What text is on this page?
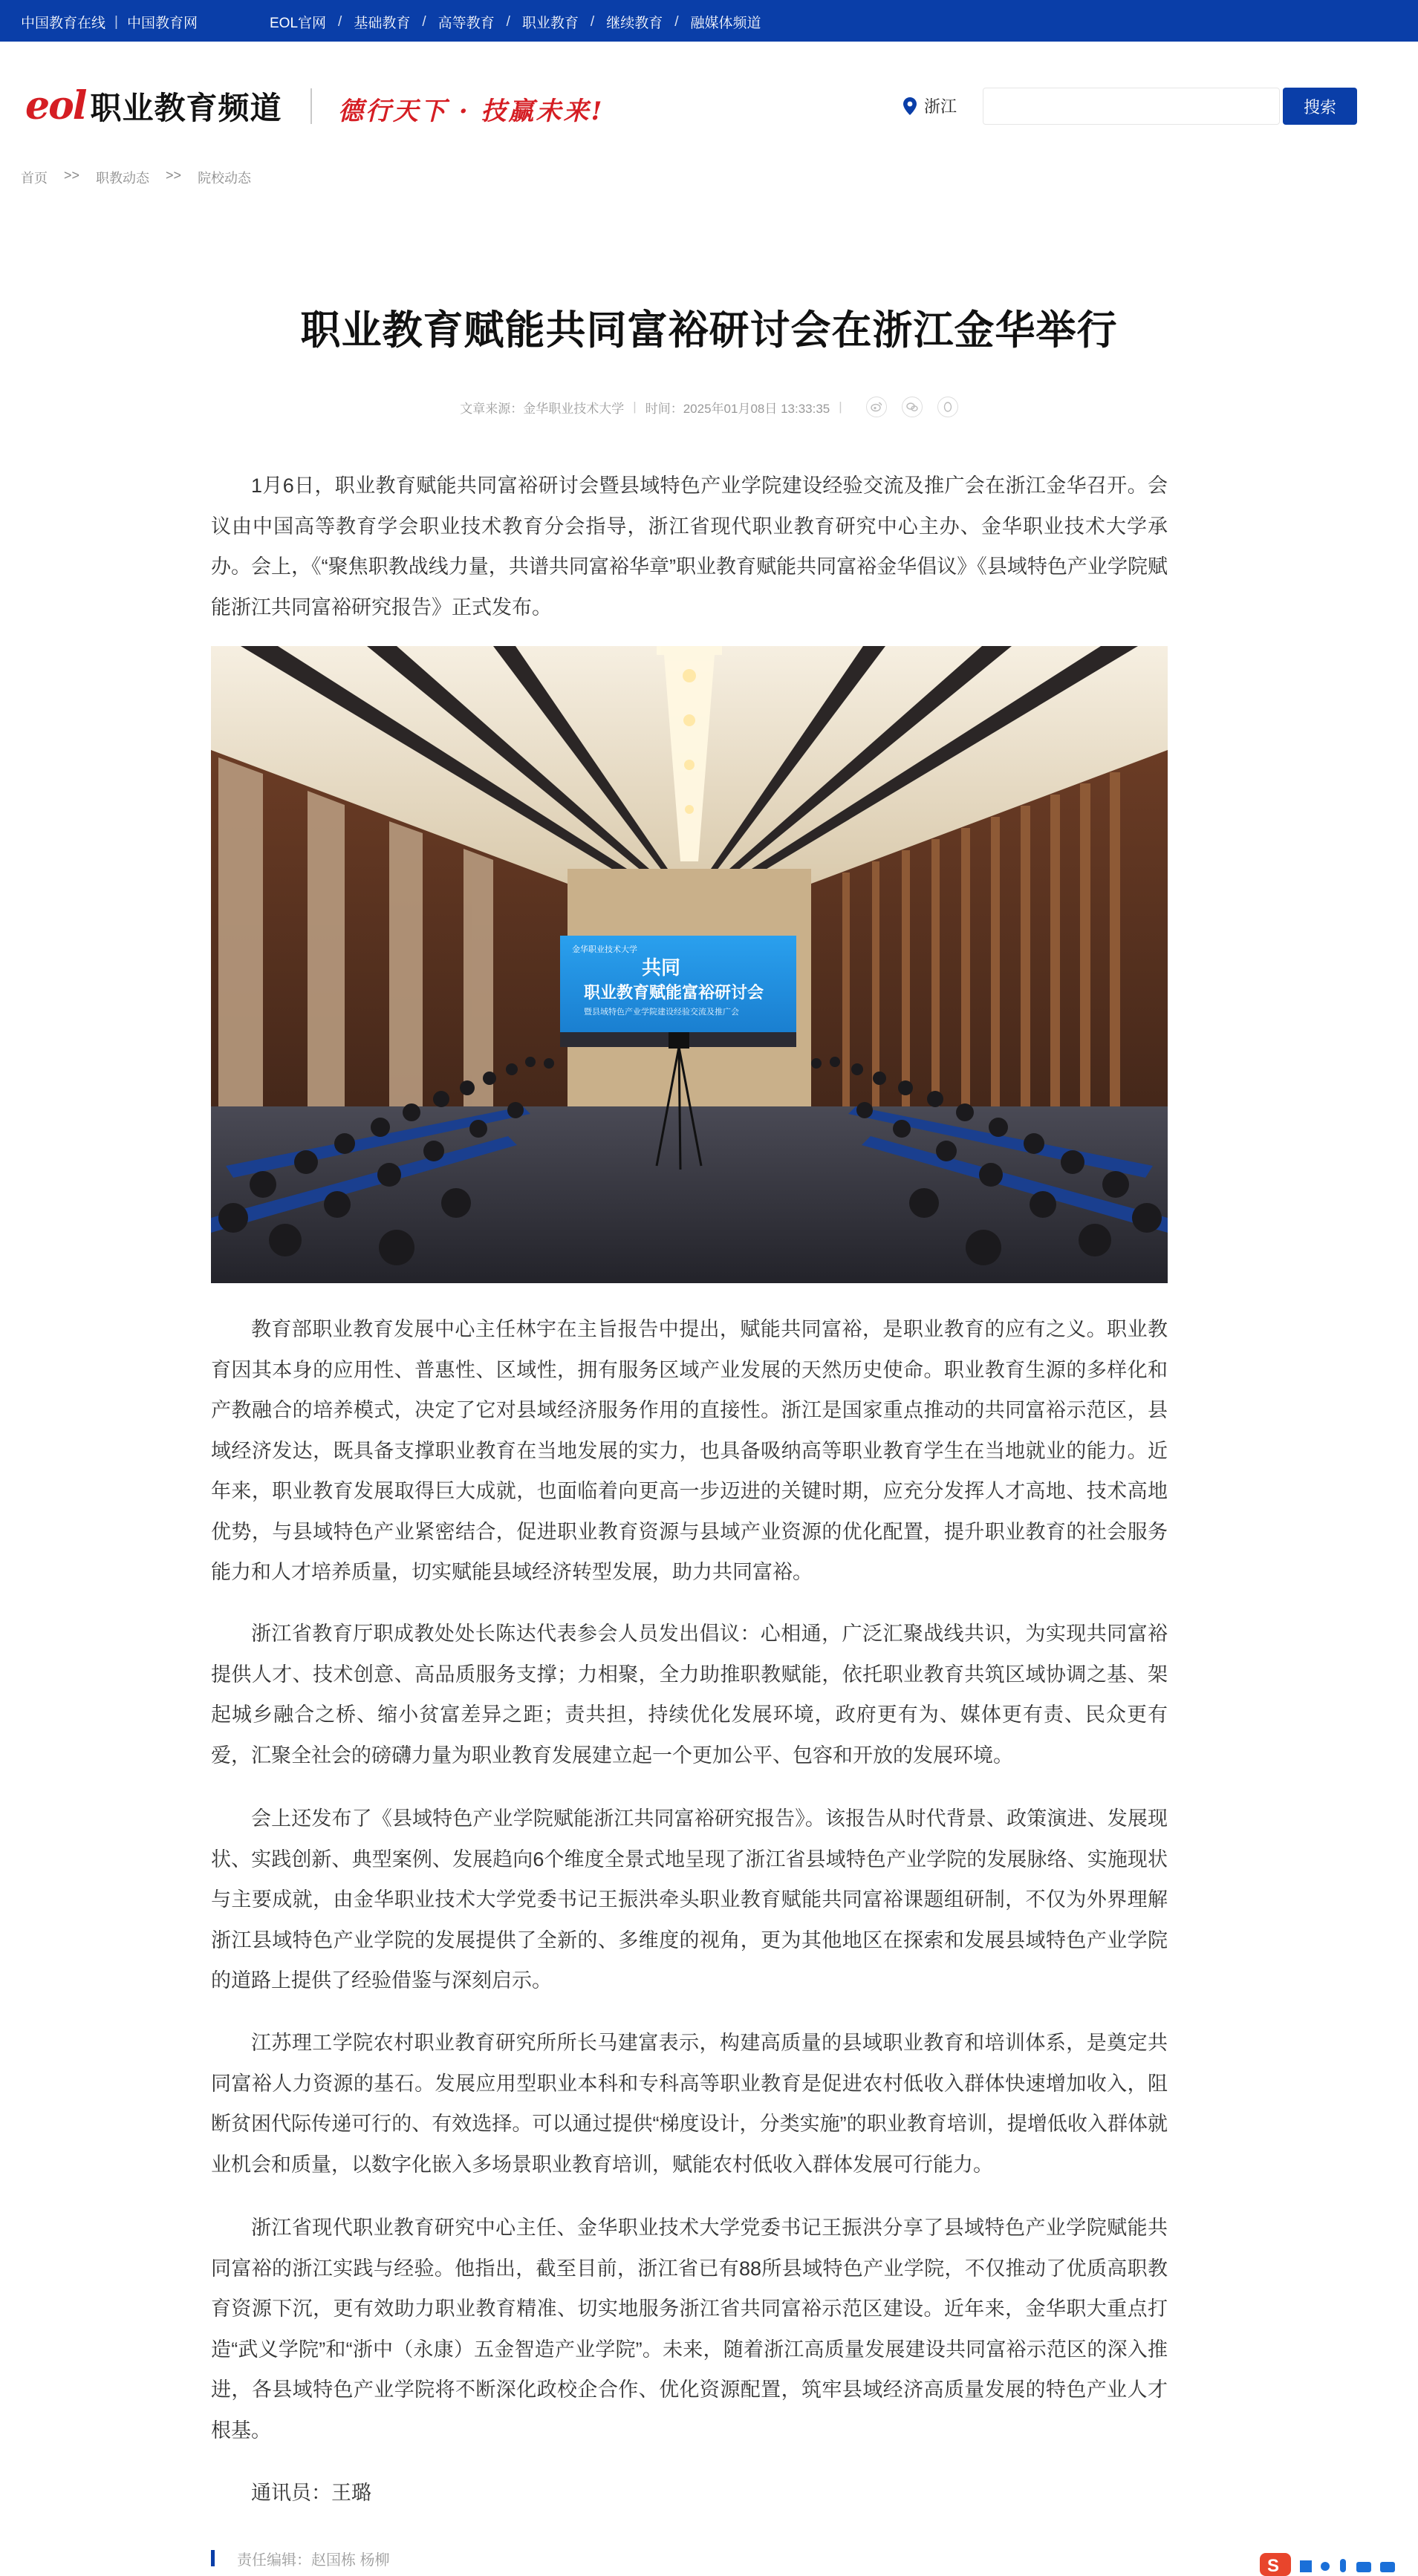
中国教育在线 | 中国教育网	EOL官网 / 基础教育 / 高等教育 / 职业教育 / 继续教育 / 融媒体频道
eol 职业教育频道 德行天下 · 技赢未来!	浙江	搜索
首页 >> 职教动态 >> 院校动态
职业教育赋能共同富裕研讨会在浙江金华举行
文章来源：金华职业技术大学 | 时间：2025年01月08日 13:33:35 |

1月6日，职业教育赋能共同富裕研讨会暨县域特色产业学院建设经验交流及推广会在浙江金华召开。会议由中国高等教育学会职业技术教育分会指导，浙江省现代职业教育研究中心主办、金华职业技术大学承办。会上，《“聚焦职教战线力量，共谱共同富裕华章”职业教育赋能共同富裕金华倡议》《县域特色产业学院赋能浙江共同富裕研究报告》正式发布。

金华职业技术大学
共同
职业教育赋能富裕研讨会
暨县域特色产业学院建设经验交流及推广会

教育部职业教育发展中心主任林宇在主旨报告中提出，赋能共同富裕，是职业教育的应有之义。职业教育因其本身的应用性、普惠性、区域性，拥有服务区域产业发展的天然历史使命。职业教育生源的多样化和产教融合的培养模式，决定了它对县域经济服务作用的直接性。浙江是国家重点推动的共同富裕示范区，县域经济发达，既具备支撑职业教育在当地发展的实力，也具备吸纳高等职业教育学生在当地就业的能力。近年来，职业教育发展取得巨大成就，也面临着向更高一步迈进的关键时期，应充分发挥人才高地、技术高地优势，与县域特色产业紧密结合，促进职业教育资源与县域产业资源的优化配置，提升职业教育的社会服务能力和人才培养质量，切实赋能县域经济转型发展，助力共同富裕。

浙江省教育厅职成教处处长陈达代表参会人员发出倡议：心相通，广泛汇聚战线共识，为实现共同富裕提供人才、技术创意、高品质服务支撑；力相聚，全力助推职教赋能，依托职业教育共筑区域协调之基、架起城乡融合之桥、缩小贫富差异之距；责共担，持续优化发展环境，政府更有为、媒体更有责、民众更有爱，汇聚全社会的磅礴力量为职业教育发展建立起一个更加公平、包容和开放的发展环境。

会上还发布了《县域特色产业学院赋能浙江共同富裕研究报告》。该报告从时代背景、政策演进、发展现状、实践创新、典型案例、发展趋向6个维度全景式地呈现了浙江省县域特色产业学院的发展脉络、实施现状与主要成就，由金华职业技术大学党委书记王振洪牵头职业教育赋能共同富裕课题组研制，不仅为外界理解浙江县域特色产业学院的发展提供了全新的、多维度的视角，更为其他地区在探索和发展县域特色产业学院的道路上提供了经验借鉴与深刻启示。

江苏理工学院农村职业教育研究所所长马建富表示，构建高质量的县域职业教育和培训体系，是奠定共同富裕人力资源的基石。发展应用型职业本科和专科高等职业教育是促进农村低收入群体快速增加收入，阻断贫困代际传递可行的、有效选择。可以通过提供“梯度设计，分类实施”的职业教育培训，提增低收入群体就业机会和质量，以数字化嵌入多场景职业教育培训，赋能农村低收入群体发展可行能力。

浙江省现代职业教育研究中心主任、金华职业技术大学党委书记王振洪分享了县域特色产业学院赋能共同富裕的浙江实践与经验。他指出，截至目前，浙江省已有88所县域特色产业学院，不仅推动了优质高职教育资源下沉，更有效助力职业教育精准、切实地服务浙江省共同富裕示范区建设。近年来，金华职大重点打造“武义学院”和“浙中（永康）五金智造产业学院”。未来，随着浙江高质量发展建设共同富裕示范区的深入推进，各县域特色产业学院将不断深化政校企合作、优化资源配置，筑牢县域经济高质量发展的特色产业人才根基。

通讯员：王璐

责任编辑：赵国栋 杨柳	S
